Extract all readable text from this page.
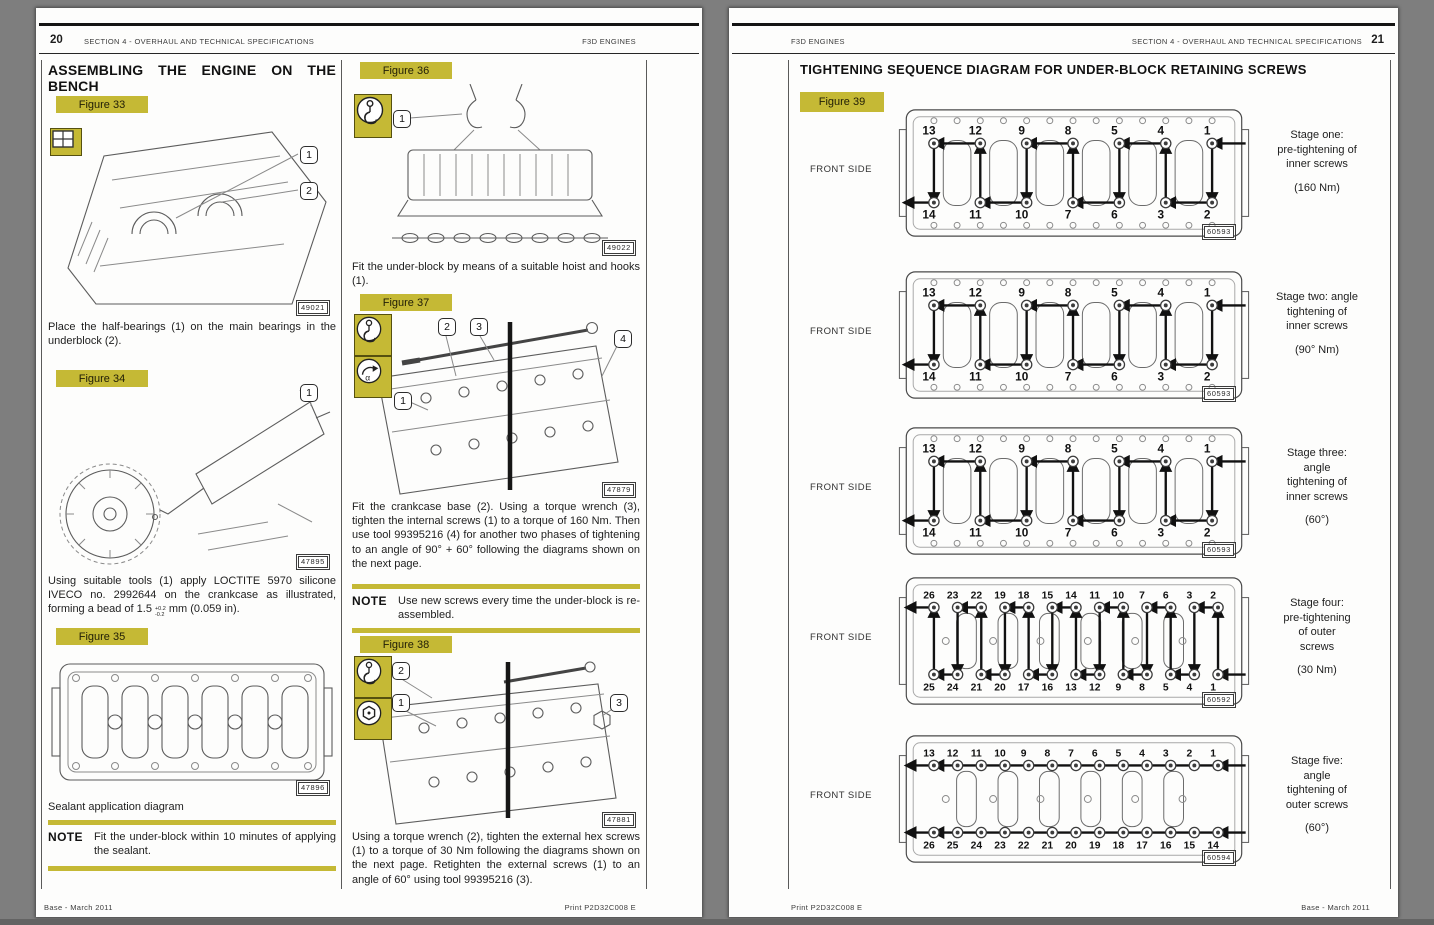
20	SECTION 4 - OVERHAUL AND TECHNICAL SPECIFICATIONS	F3D ENGINES
ASSEMBLING THE ENGINE ON THE BENCH
Figure 33
1
2
49021

Place the half-bearings (1) on the main bearings in the underblock (2).

Figure 34
1
47895

Using suitable tools (1) apply LOCTITE 5970 silicone IVECO no. 2992644 on the crankcase as illustrated, forming a bead of 1.5 +0.2
-0.2 mm (0.059 in).

Figure 35
47896

Sealant application diagram

NOTE Fit the under-block within 10 minutes of applying the sealant.

Figure 36
1
49022

Fit the under-block by means of a suitable hoist and hooks (1).

Figure 37
α
2	3
4
1
47879

Fit the crankcase base (2). Using a torque wrench (3), tighten the internal screws (1) to a torque of 160 Nm. Then use tool 99395216 (4) for another two phases of tightening to an angle of 90° + 60° following the diagrams shown on the next page.

NOTE Use new screws every time the under-block is re-assembled.

Figure 38
2
1	3
47881

Using a torque wrench (2), tighten the external hex screws (1) to a torque of 30 Nm following the diagrams shown on the next page. Retighten the external screws (1) to an angle of 60° using tool 99395216 (3).

Base - March 2011	Print P2D32C008 E
F3D ENGINES	SECTION 4 - OVERHAUL AND TECHNICAL SPECIFICATIONS 21
TIGHTENING SEQUENCE DIAGRAM FOR UNDER-BLOCK RETAINING SCREWS
Figure 39
FRONT SIDE
13
14
12
11
9
10
8
7
5
6
4
3
1
2
Stage one:
pre-tightening of
inner screws
(160 Nm)
60593
FRONT SIDE
13
14
12
11
9
10
8
7
5
6
4
3
1
2
Stage two: angle
tightening of
inner screws
(90° Nm)
60593
FRONT SIDE
13
14
12
11
9
10
8
7
5
6
4
3
1
2
Stage three:
angle
tightening of
inner screws
(60°)
60593
FRONT SIDE
26
25
23
24
22
21
19
20
18
17
15
16
14
13
11
12
10
9
7
8
6
5
3
4
2
1
Stage four:
pre-tightening
of outer
screws
(30 Nm)
60592
FRONT SIDE
13
26
12
25
11
24
10
23
9
22
8
21
7
20
6
19
5
18
4
17
3
16
2
15
1
14
Stage five:
angle
tightening of
outer screws
(60°)
60594
Print P2D32C008 E	Base - March 2011
